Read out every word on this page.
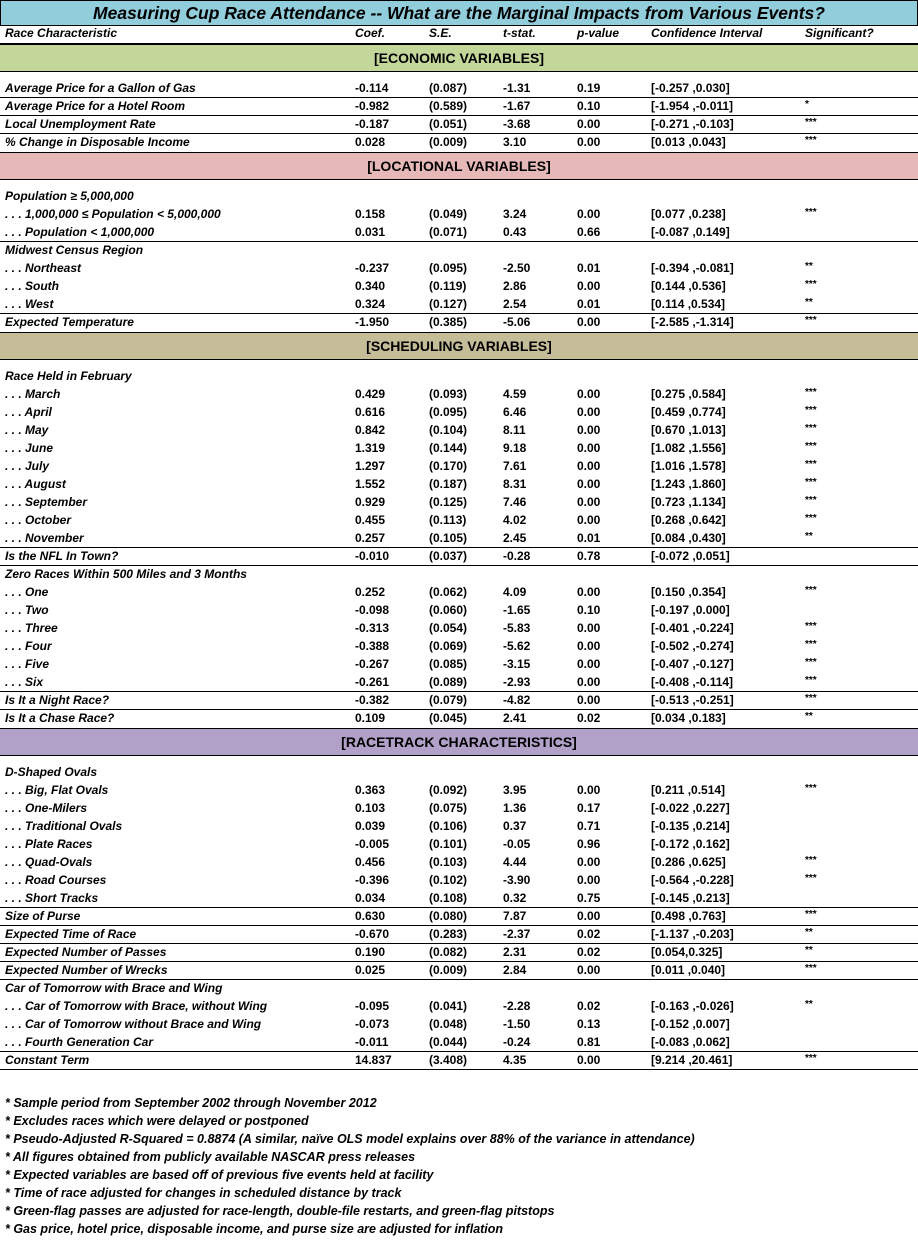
Measuring Cup Race Attendance -- What are the Marginal Impacts from Various Events?
Race Characteristic	Coef.	S.E.	t-stat.	p-value	Confidence Interval	Significant?
[ECONOMIC VARIABLES]
Average Price for a Gallon of Gas	-0.114	(0.087)	-1.31	0.19	[-0.257 ,0.030]
Average Price for a Hotel Room	-0.982	(0.589)	-1.67	0.10	[-1.954 ,-0.011]	*
Local Unemployment Rate	-0.187	(0.051)	-3.68	0.00	[-0.271 ,-0.103]	***
% Change in Disposable Income	0.028	(0.009)	3.10	0.00	[0.013 ,0.043]	***
[LOCATIONAL VARIABLES]
Population ≥ 5,000,000
. . . 1,000,000 ≤ Population < 5,000,000	0.158	(0.049)	3.24	0.00	[0.077 ,0.238]	***
. . . Population < 1,000,000	0.031	(0.071)	0.43	0.66	[-0.087 ,0.149]
Midwest Census Region
. . . Northeast	-0.237	(0.095)	-2.50	0.01	[-0.394 ,-0.081]	**
. . . South	0.340	(0.119)	2.86	0.00	[0.144 ,0.536]	***
. . . West	0.324	(0.127)	2.54	0.01	[0.114 ,0.534]	**
Expected Temperature	-1.950	(0.385)	-5.06	0.00	[-2.585 ,-1.314]	***
[SCHEDULING VARIABLES]
Race Held in February
. . . March	0.429	(0.093)	4.59	0.00	[0.275 ,0.584]	***
. . . April	0.616	(0.095)	6.46	0.00	[0.459 ,0.774]	***
. . . May	0.842	(0.104)	8.11	0.00	[0.670 ,1.013]	***
. . . June	1.319	(0.144)	9.18	0.00	[1.082 ,1.556]	***
. . . July	1.297	(0.170)	7.61	0.00	[1.016 ,1.578]	***
. . . August	1.552	(0.187)	8.31	0.00	[1.243 ,1.860]	***
. . . September	0.929	(0.125)	7.46	0.00	[0.723 ,1.134]	***
. . . October	0.455	(0.113)	4.02	0.00	[0.268 ,0.642]	***
. . . November	0.257	(0.105)	2.45	0.01	[0.084 ,0.430]	**
Is the NFL In Town?	-0.010	(0.037)	-0.28	0.78	[-0.072 ,0.051]
Zero Races Within 500 Miles and 3 Months
. . . One	0.252	(0.062)	4.09	0.00	[0.150 ,0.354]	***
. . . Two	-0.098	(0.060)	-1.65	0.10	[-0.197 ,0.000]
. . . Three	-0.313	(0.054)	-5.83	0.00	[-0.401 ,-0.224]	***
. . . Four	-0.388	(0.069)	-5.62	0.00	[-0.502 ,-0.274]	***
. . . Five	-0.267	(0.085)	-3.15	0.00	[-0.407 ,-0.127]	***
. . . Six	-0.261	(0.089)	-2.93	0.00	[-0.408 ,-0.114]	***
Is It a Night Race?	-0.382	(0.079)	-4.82	0.00	[-0.513 ,-0.251]	***
Is It a Chase Race?	0.109	(0.045)	2.41	0.02	[0.034 ,0.183]	**
[RACETRACK CHARACTERISTICS]
D-Shaped Ovals
. . . Big, Flat Ovals	0.363	(0.092)	3.95	0.00	[0.211 ,0.514]	***
. . . One-Milers	0.103	(0.075)	1.36	0.17	[-0.022 ,0.227]
. . . Traditional Ovals	0.039	(0.106)	0.37	0.71	[-0.135 ,0.214]
. . . Plate Races	-0.005	(0.101)	-0.05	0.96	[-0.172 ,0.162]
. . . Quad-Ovals	0.456	(0.103)	4.44	0.00	[0.286 ,0.625]	***
. . . Road Courses	-0.396	(0.102)	-3.90	0.00	[-0.564 ,-0.228]	***
. . . Short Tracks	0.034	(0.108)	0.32	0.75	[-0.145 ,0.213]
Size of Purse	0.630	(0.080)	7.87	0.00	[0.498 ,0.763]	***
Expected Time of Race	-0.670	(0.283)	-2.37	0.02	[-1.137 ,-0.203]	**
Expected Number of Passes	0.190	(0.082)	2.31	0.02	[0.054,0.325]	**
Expected Number of Wrecks	0.025	(0.009)	2.84	0.00	[0.011 ,0.040]	***
Car of Tomorrow with Brace and Wing
. . . Car of Tomorrow with Brace, without Wing	-0.095	(0.041)	-2.28	0.02	[-0.163 ,-0.026]	**
. . . Car of Tomorrow without Brace and Wing	-0.073	(0.048)	-1.50	0.13	[-0.152 ,0.007]
. . . Fourth Generation Car	-0.011	(0.044)	-0.24	0.81	[-0.083 ,0.062]
Constant Term	14.837	(3.408)	4.35	0.00	[9.214 ,20.461]	***
* Sample period from September 2002 through November 2012
* Excludes races which were delayed or postponed
* Pseudo-Adjusted R-Squared = 0.8874 (A similar, naïve OLS model explains over 88% of the variance in attendance)
* All figures obtained from publicly available NASCAR press releases
* Expected variables are based off of previous five events held at facility
* Time of race adjusted for changes in scheduled distance by track
* Green-flag passes are adjusted for race-length, double-file restarts, and green-flag pitstops
* Gas price, hotel price, disposable income, and purse size are adjusted for inflation
